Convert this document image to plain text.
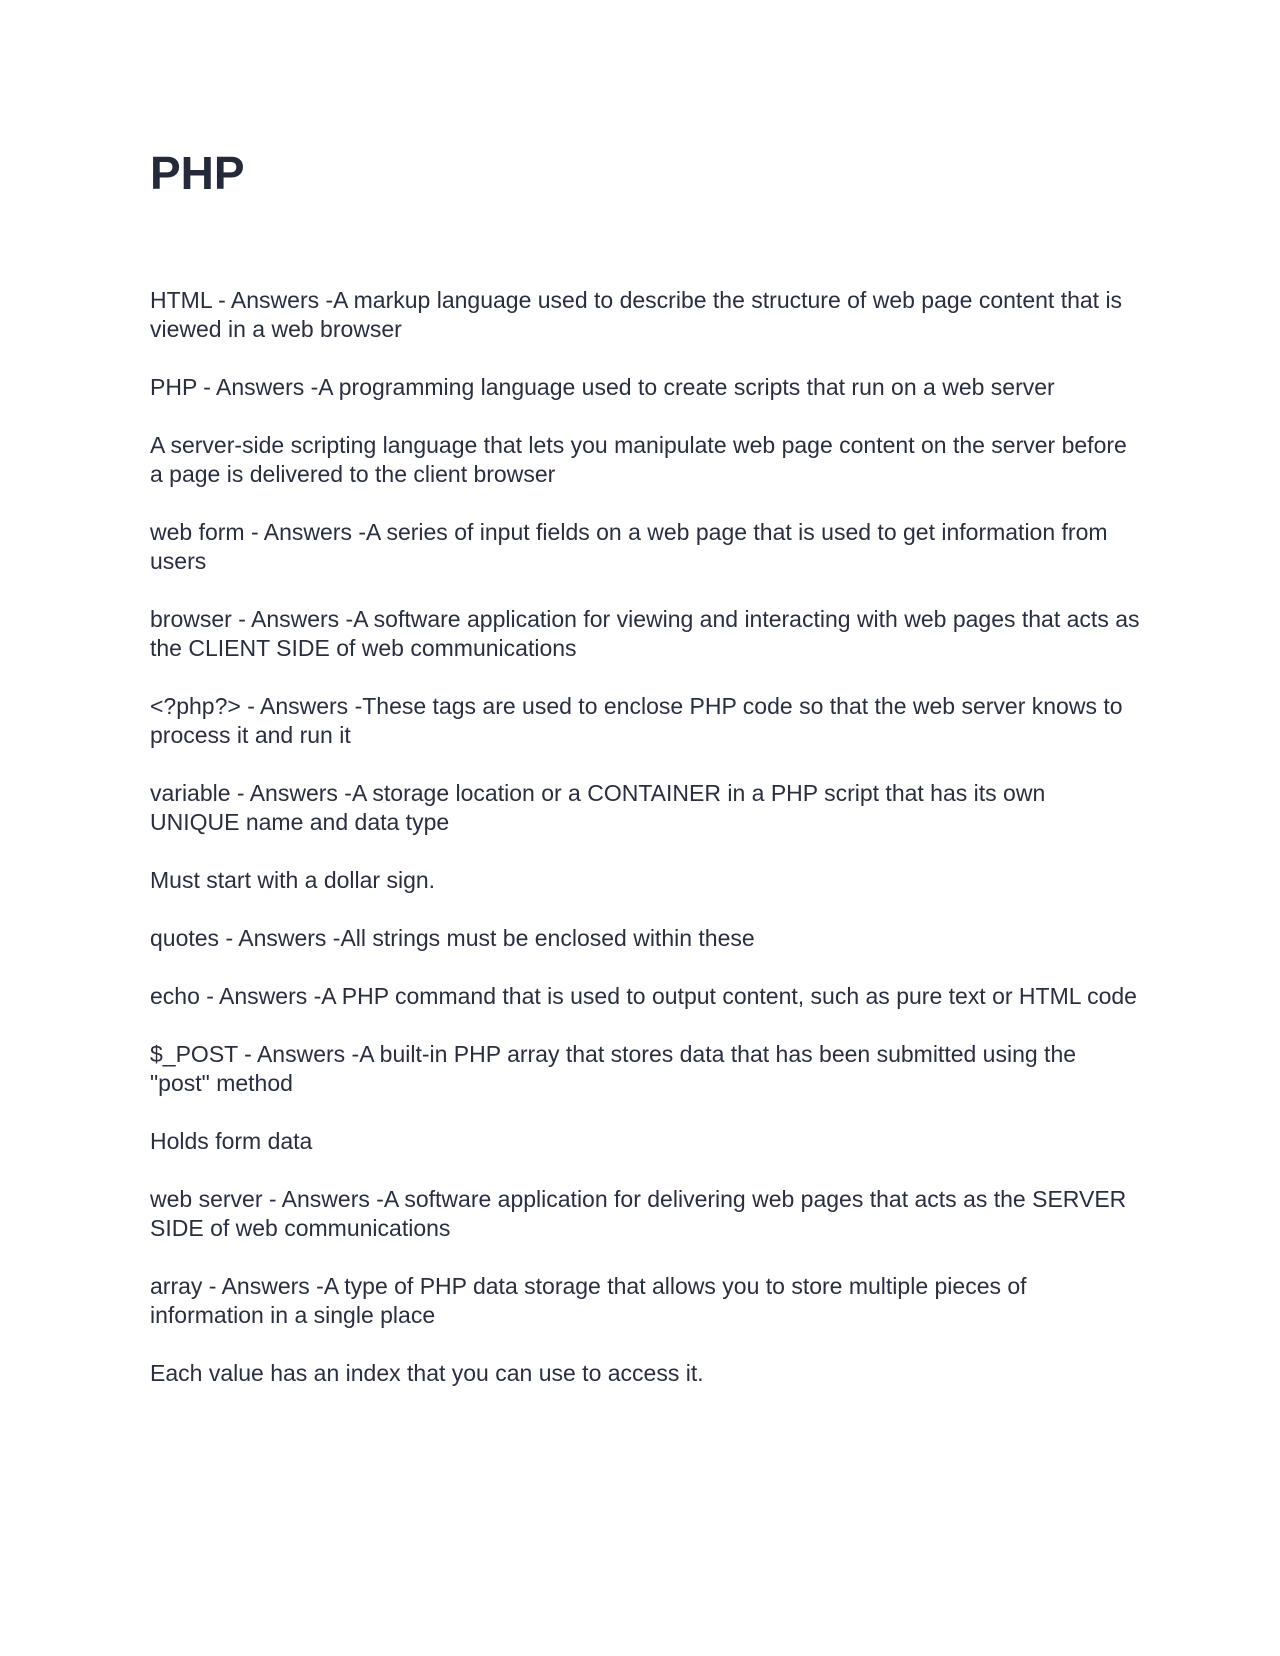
PHP

HTML - Answers -A markup language used to describe the structure of web page content that is viewed in a web browser

PHP - Answers -A programming language used to create scripts that run on a web server

A server-side scripting language that lets you manipulate web page content on the server before a page is delivered to the client browser

web form - Answers -A series of input fields on a web page that is used to get information from users

browser - Answers -A software application for viewing and interacting with web pages that acts as the CLIENT SIDE of web communications

<?php?> - Answers -These tags are used to enclose PHP code so that the web server knows to process it and run it

variable - Answers -A storage location or a CONTAINER in a PHP script that has its own UNIQUE name and data type

Must start with a dollar sign.

quotes - Answers -All strings must be enclosed within these

echo - Answers -A PHP command that is used to output content, such as pure text or HTML code

$_POST - Answers -A built-in PHP array that stores data that has been submitted using the "post" method

Holds form data

web server - Answers -A software application for delivering web pages that acts as the SERVER SIDE of web communications

array - Answers -A type of PHP data storage that allows you to store multiple pieces of information in a single place

Each value has an index that you can use to access it.
